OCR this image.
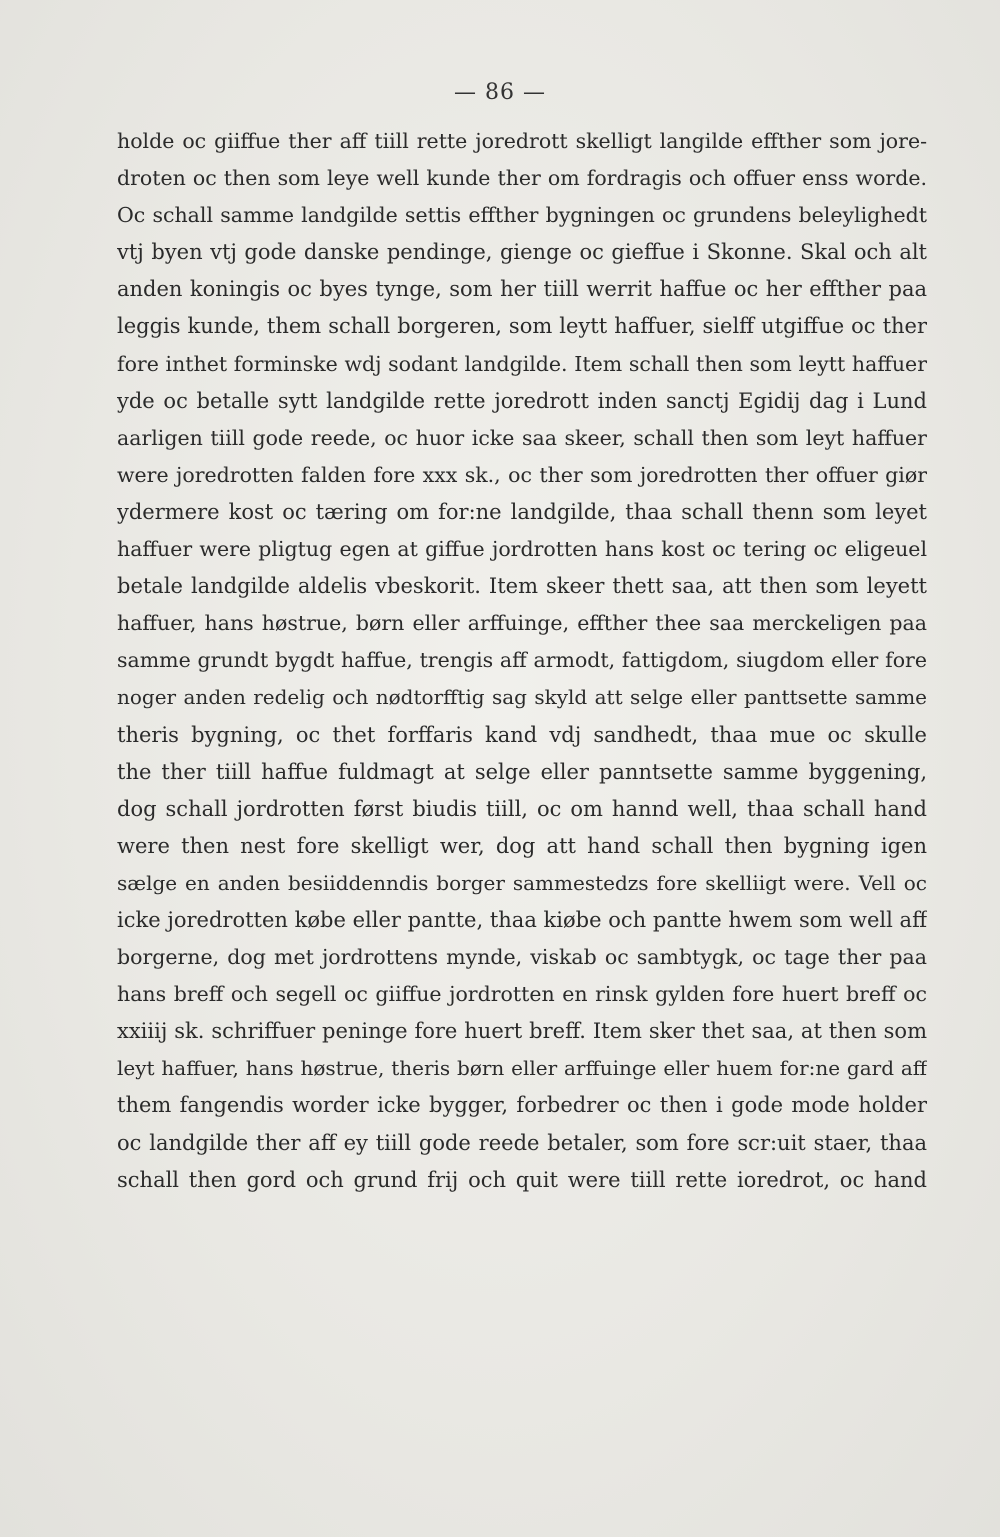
— 86 —
holde oc giiffue ther aff tiill rette joredrott skelligt langilde effther som jore-
droten oc then som leye well kunde ther om fordragis och offuer enss worde.
Oc schall samme landgilde settis effther bygningen oc grundens beleylighedt
vtj byen vtj gode danske pendinge, gienge oc gieffue i Skonne. Skal och alt
anden koningis oc byes tynge, som her tiill werrit haffue oc her effther paa
leggis kunde, them schall borgeren, som leytt haffuer, sielff utgiffue oc ther
fore inthet forminske wdj sodant landgilde. Item schall then som leytt haffuer
yde oc betalle sytt landgilde rette joredrott inden sanctj Egidij dag i Lund
aarligen tiill gode reede, oc huor icke saa skeer, schall then som leyt haffuer
were joredrotten falden fore xxx sk., oc ther som joredrotten ther offuer giør
ydermere kost oc tæring om for:ne landgilde, thaa schall thenn som leyet
haffuer were pligtug egen at giffue jordrotten hans kost oc tering oc eligeuel
betale landgilde aldelis vbeskorit. Item skeer thett saa, att then som leyett
haffuer, hans høstrue, børn eller arffuinge, effther thee saa merckeligen paa
samme grundt bygdt haffue, trengis aff armodt, fattigdom, siugdom eller fore
noger anden redelig och nødtorfftig sag skyld att selge eller panttsette samme
theris bygning, oc thet forffaris kand vdj sandhedt, thaa mue oc skulle
the ther tiill haffue fuldmagt at selge eller panntsette samme byggening,
dog schall jordrotten først biudis tiill, oc om hannd well, thaa schall hand
were then nest fore skelligt wer, dog att hand schall then bygning igen
sælge en anden besiiddenndis borger sammestedzs fore skelliigt were. Vell oc
icke joredrotten købe eller pantte, thaa kiøbe och pantte hwem som well aff
borgerne, dog met jordrottens mynde, viskab oc sambtygk, oc tage ther paa
hans breff och segell oc giiffue jordrotten en rinsk gylden fore huert breff oc
xxiiij sk. schriffuer peninge fore huert breff. Item sker thet saa, at then som
leyt haffuer, hans høstrue, theris børn eller arffuinge eller huem for:ne gard aff
them fangendis worder icke bygger, forbedrer oc then i gode mode holder
oc landgilde ther aff ey tiill gode reede betaler, som fore scr:uit staer, thaa
schall then gord och grund frij och quit were tiill rette ioredrot, oc hand
